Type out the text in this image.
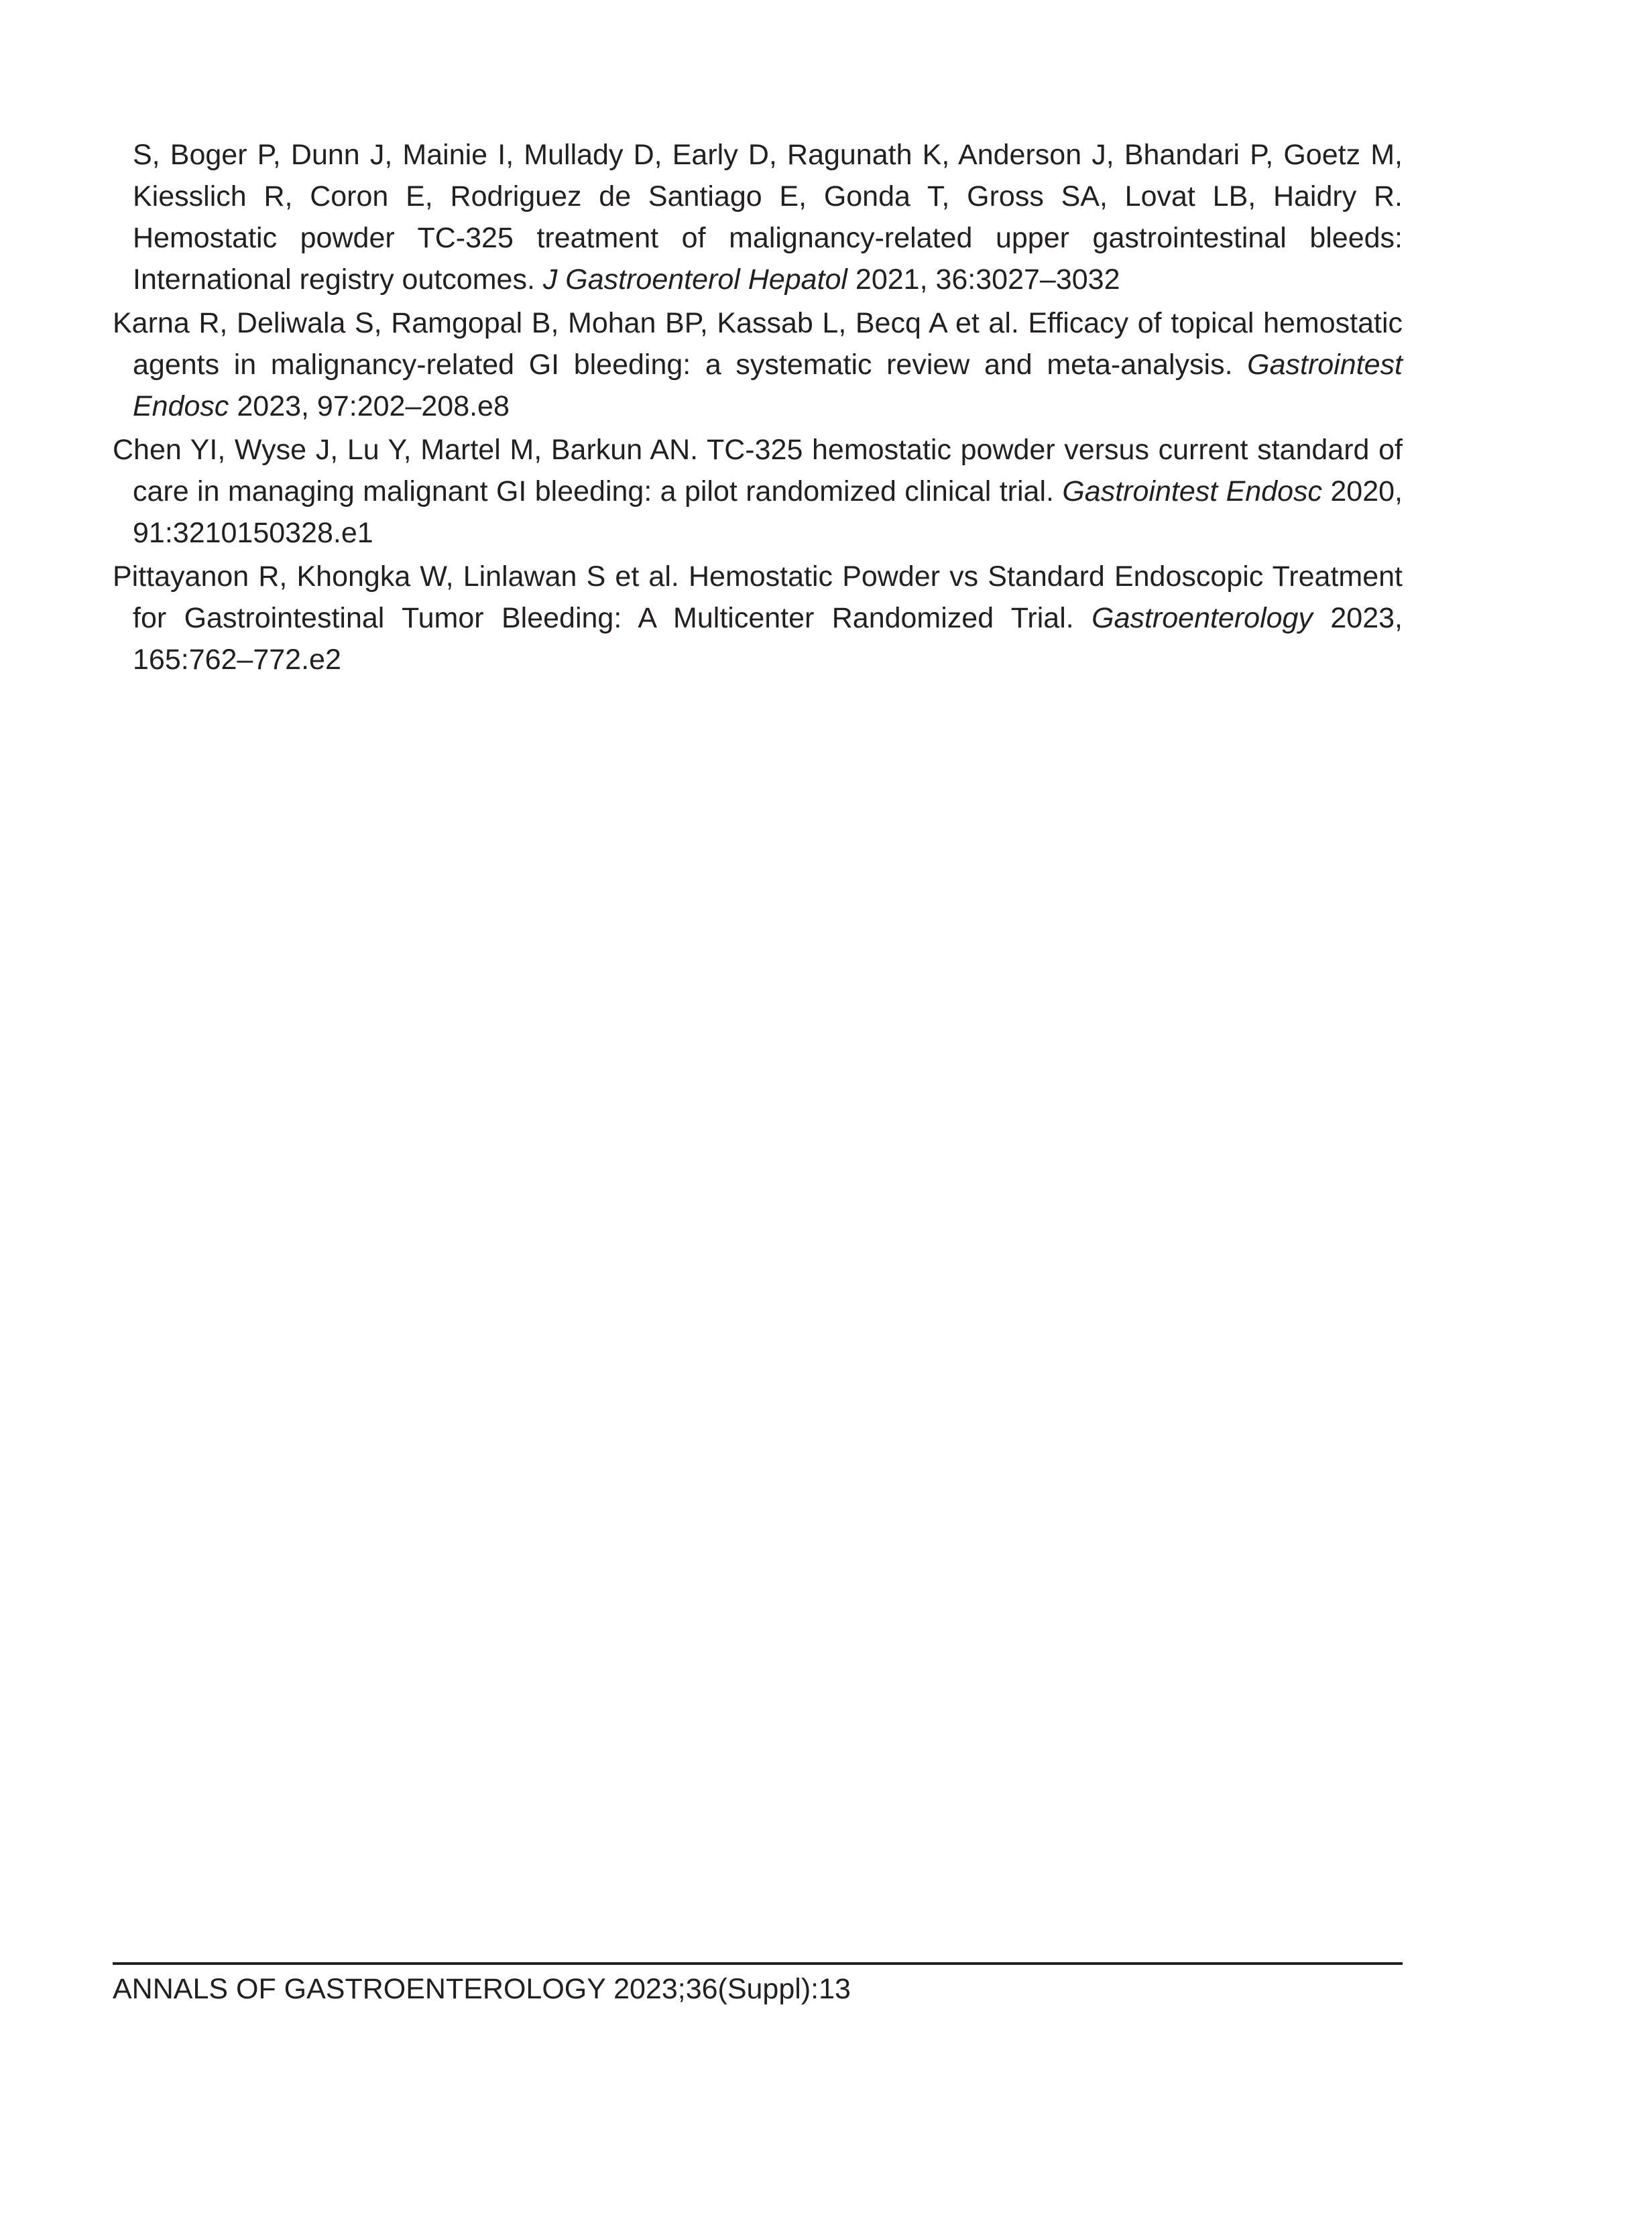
S, Boger P, Dunn J, Mainie I, Mullady D, Early D, Ragunath K, Anderson J, Bhandari P, Goetz M, Kiesslich R, Coron E, Rodriguez de Santiago E, Gonda T, Gross SA, Lovat LB, Haidry R. Hemostatic powder TC-325 treatment of malignancy-related upper gastrointestinal bleeds: International registry outcomes. J Gastroenterol Hepatol 2021, 36:3027–3032

Karna R, Deliwala S, Ramgopal B, Mohan BP, Kassab L, Becq A et al. Efficacy of topical hemostatic agents in malignancy-related GI bleeding: a systematic review and meta-analysis. Gastrointest Endosc 2023, 97:202–208.e8

Chen YI, Wyse J, Lu Y, Martel M, Barkun AN. TC-325 hemostatic powder versus current standard of care in managing malignant GI bleeding: a pilot randomized clinical trial. Gastrointest Endosc 2020, 91:3210150328.e1

Pittayanon R, Khongka W, Linlawan S et al. Hemostatic Powder vs Standard Endoscopic Treatment for Gastrointestinal Tumor Bleeding: A Multicenter Randomized Trial. Gastroenterology 2023, 165:762–772.e2

ANNALS OF GASTROENTEROLOGY 2023;36(Suppl):13
